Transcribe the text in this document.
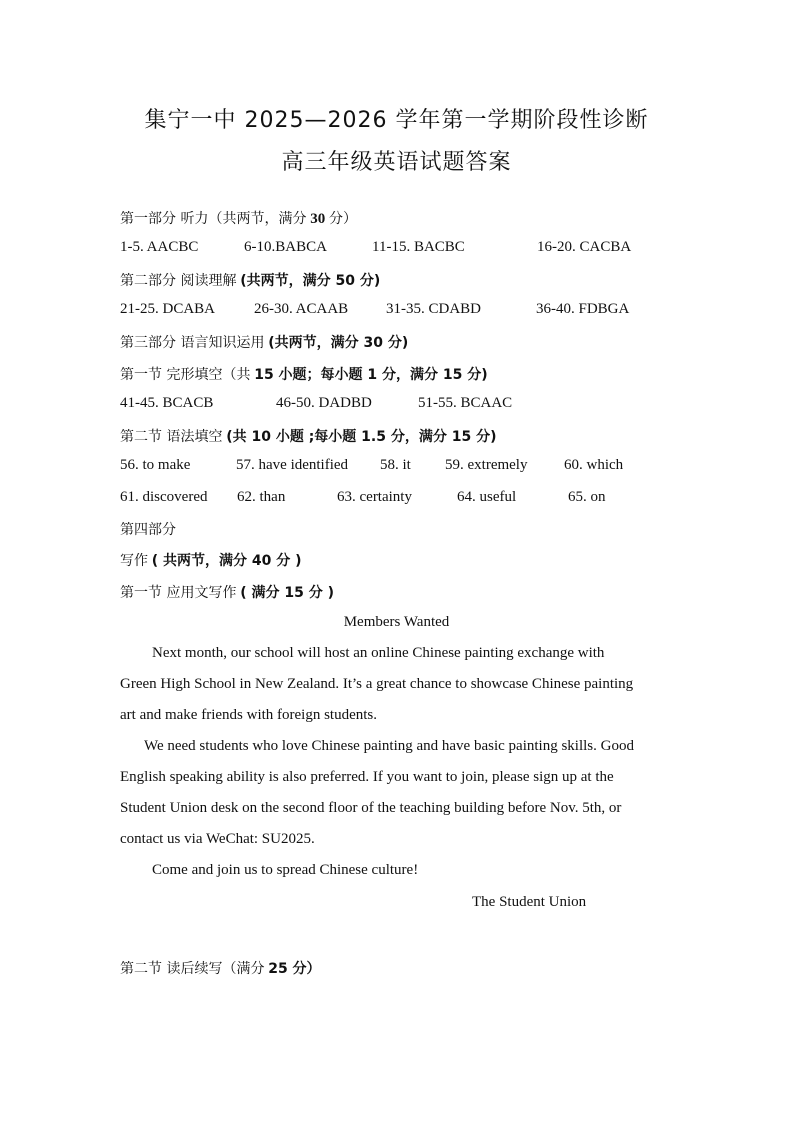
集宁一中 2025—2026 学年第一学期阶段性诊断
高三年级英语试题答案
第一部分 听力（共两节，满分 30 分）
1-5. AACBC	6-10.BABCA	11-15. BACBC	16-20. CACBA
第二部分 阅读理解 (共两节，满分 50 分)
21-25. DCABA	26-30. ACAAB	31-35. CDABD	36-40. FDBGA
第三部分 语言知识运用 (共两节，满分 30 分)
第一节 完形填空（共 15 小题；每小题 1 分，满分 15 分)
41-45. BCACB	46-50. DADBD	51-55. BCAAC
第二节 语法填空 (共 10 小题 ;每小题 1.5 分，满分 15 分)
56. to make	57. have identified 58. it 59. extremely 60. which
61. discovered 62. than	63. certainty	64. useful	65. on
第四部分
写作 ( 共两节，满分 40 分 )
第一节 应用文写作 ( 满分 15 分 )
Members Wanted
Next month, our school will host an online Chinese painting exchange with
Green High School in New Zealand. It’s a great chance to showcase Chinese painting
art and make friends with foreign students.
We need students who love Chinese painting and have basic painting skills. Good
English speaking ability is also preferred. If you want to join, please sign up at the
Student Union desk on the second floor of the teaching building before Nov. 5th, or
contact us via WeChat: SU2025.
Come and join us to spread Chinese culture!
The Student Union
第二节 读后续写（满分 25 分）
